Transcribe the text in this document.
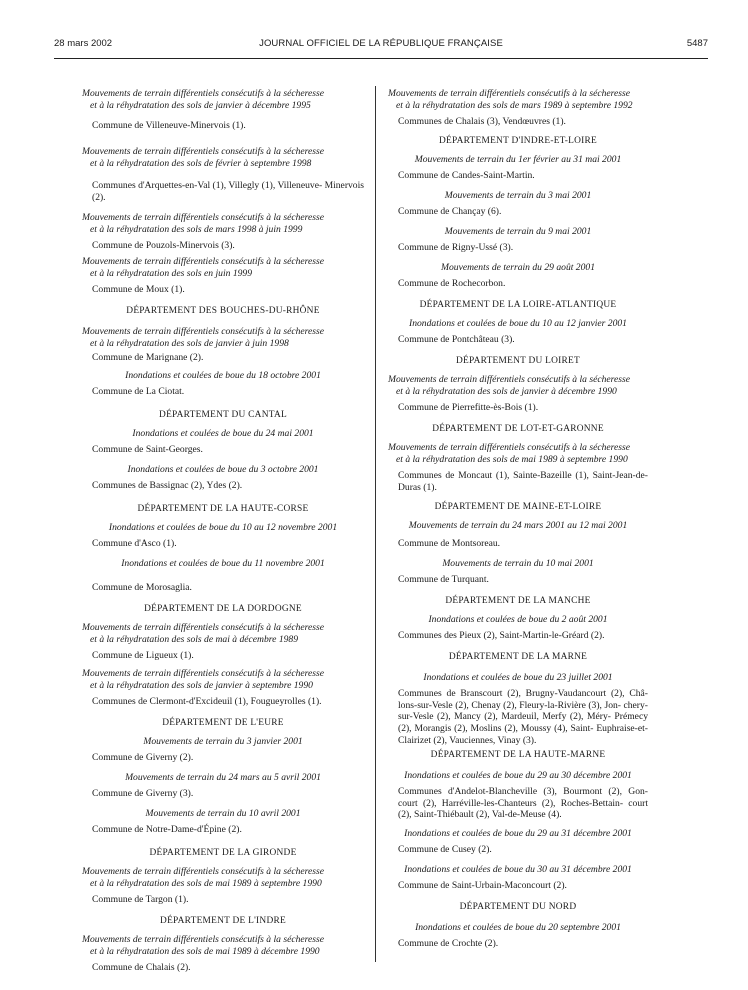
28 mars 2002	JOURNAL OFFICIEL DE LA RÉPUBLIQUE FRANÇAISE	5487

Mouvements de terrain différentiels consécutifs à la sécheresse
et à la réhydratation des sols de janvier à décembre 1995

Commune de Villeneuve-Minervois (1).

Mouvements de terrain différentiels consécutifs à la sécheresse
et à la réhydratation des sols de février à septembre 1998

Communes d'Arquettes-en-Val (1), Villegly (1), Villeneuve- Minervois (2).

Mouvements de terrain différentiels consécutifs à la sécheresse
et à la réhydratation des sols de mars 1998 à juin 1999

Commune de Pouzols-Minervois (3).

Mouvements de terrain différentiels consécutifs à la sécheresse
et à la réhydratation des sols en juin 1999

Commune de Moux (1).

DÉPARTEMENT DES BOUCHES-DU-RHÔNE

Mouvements de terrain différentiels consécutifs à la sécheresse
et à la réhydratation des sols de janvier à juin 1998

Commune de Marignane (2).

Inondations et coulées de boue du 18 octobre 2001

Commune de La Ciotat.

DÉPARTEMENT DU CANTAL

Inondations et coulées de boue du 24 mai 2001

Commune de Saint-Georges.

Inondations et coulées de boue du 3 octobre 2001

Communes de Bassignac (2), Ydes (2).

DÉPARTEMENT DE LA HAUTE-CORSE

Inondations et coulées de boue du 10 au 12 novembre 2001

Commune d'Asco (1).

Inondations et coulées de boue du 11 novembre 2001

Commune de Morosaglia.

DÉPARTEMENT DE LA DORDOGNE

Mouvements de terrain différentiels consécutifs à la sécheresse
et à la réhydratation des sols de mai à décembre 1989

Commune de Ligueux (1).

Mouvements de terrain différentiels consécutifs à la sécheresse
et à la réhydratation des sols de janvier à septembre 1990

Communes de Clermont-d'Excideuil (1), Fougueyrolles (1).

DÉPARTEMENT DE L'EURE

Mouvements de terrain du 3 janvier 2001

Commune de Giverny (2).

Mouvements de terrain du 24 mars au 5 avril 2001

Commune de Giverny (3).

Mouvements de terrain du 10 avril 2001

Commune de Notre-Dame-d'Épine (2).

DÉPARTEMENT DE LA GIRONDE

Mouvements de terrain différentiels consécutifs à la sécheresse
et à la réhydratation des sols de mai 1989 à septembre 1990

Commune de Targon (1).

DÉPARTEMENT DE L'INDRE

Mouvements de terrain différentiels consécutifs à la sécheresse
et à la réhydratation des sols de mai 1989 à décembre 1990

Commune de Chalais (2).

Mouvements de terrain différentiels consécutifs à la sécheresse
et à la réhydratation des sols de mars 1989 à septembre 1992

Communes de Chalais (3), Vendœuvres (1).

DÉPARTEMENT D'INDRE-ET-LOIRE

Mouvements de terrain du 1er février au 31 mai 2001

Commune de Candes-Saint-Martin.

Mouvements de terrain du 3 mai 2001

Commune de Chançay (6).

Mouvements de terrain du 9 mai 2001

Commune de Rigny-Ussé (3).

Mouvements de terrain du 29 août 2001

Commune de Rochecorbon.

DÉPARTEMENT DE LA LOIRE-ATLANTIQUE

Inondations et coulées de boue du 10 au 12 janvier 2001

Commune de Pontchâteau (3).

DÉPARTEMENT DU LOIRET

Mouvements de terrain différentiels consécutifs à la sécheresse
et à la réhydratation des sols de janvier à décembre 1990

Commune de Pierrefitte-ès-Bois (1).

DÉPARTEMENT DE LOT-ET-GARONNE

Mouvements de terrain différentiels consécutifs à la sécheresse
et à la réhydratation des sols de mai 1989 à septembre 1990

Communes de Moncaut (1), Sainte-Bazeille (1), Saint-Jean-de- Duras (1).

DÉPARTEMENT DE MAINE-ET-LOIRE

Mouvements de terrain du 24 mars 2001 au 12 mai 2001

Commune de Montsoreau.

Mouvements de terrain du 10 mai 2001

Commune de Turquant.

DÉPARTEMENT DE LA MANCHE

Inondations et coulées de boue du 2 août 2001

Communes des Pieux (2), Saint-Martin-le-Gréard (2).

DÉPARTEMENT DE LA MARNE

Inondations et coulées de boue du 23 juillet 2001

Communes de Branscourt (2), Brugny-Vaudancourt (2), Châ- lons-sur-Vesle (2), Chenay (2), Fleury-la-Rivière (3), Jon- chery-sur-Vesle (2), Mancy (2), Mardeuil, Merfy (2), Méry- Prémecy (2), Morangis (2), Moslins (2), Moussy (4), Saint- Euphraise-et-Clairizet (2), Vauciennes, Vinay (3).

DÉPARTEMENT DE LA HAUTE-MARNE

Inondations et coulées de boue du 29 au 30 décembre 2001

Communes d'Andelot-Blancheville (3), Bourmont (2), Gon- court (2), Harréville-les-Chanteurs (2), Roches-Bettain- court (2), Saint-Thiébault (2), Val-de-Meuse (4).

Inondations et coulées de boue du 29 au 31 décembre 2001

Commune de Cusey (2).

Inondations et coulées de boue du 30 au 31 décembre 2001

Commune de Saint-Urbain-Maconcourt (2).

DÉPARTEMENT DU NORD

Inondations et coulées de boue du 20 septembre 2001

Commune de Crochte (2).
